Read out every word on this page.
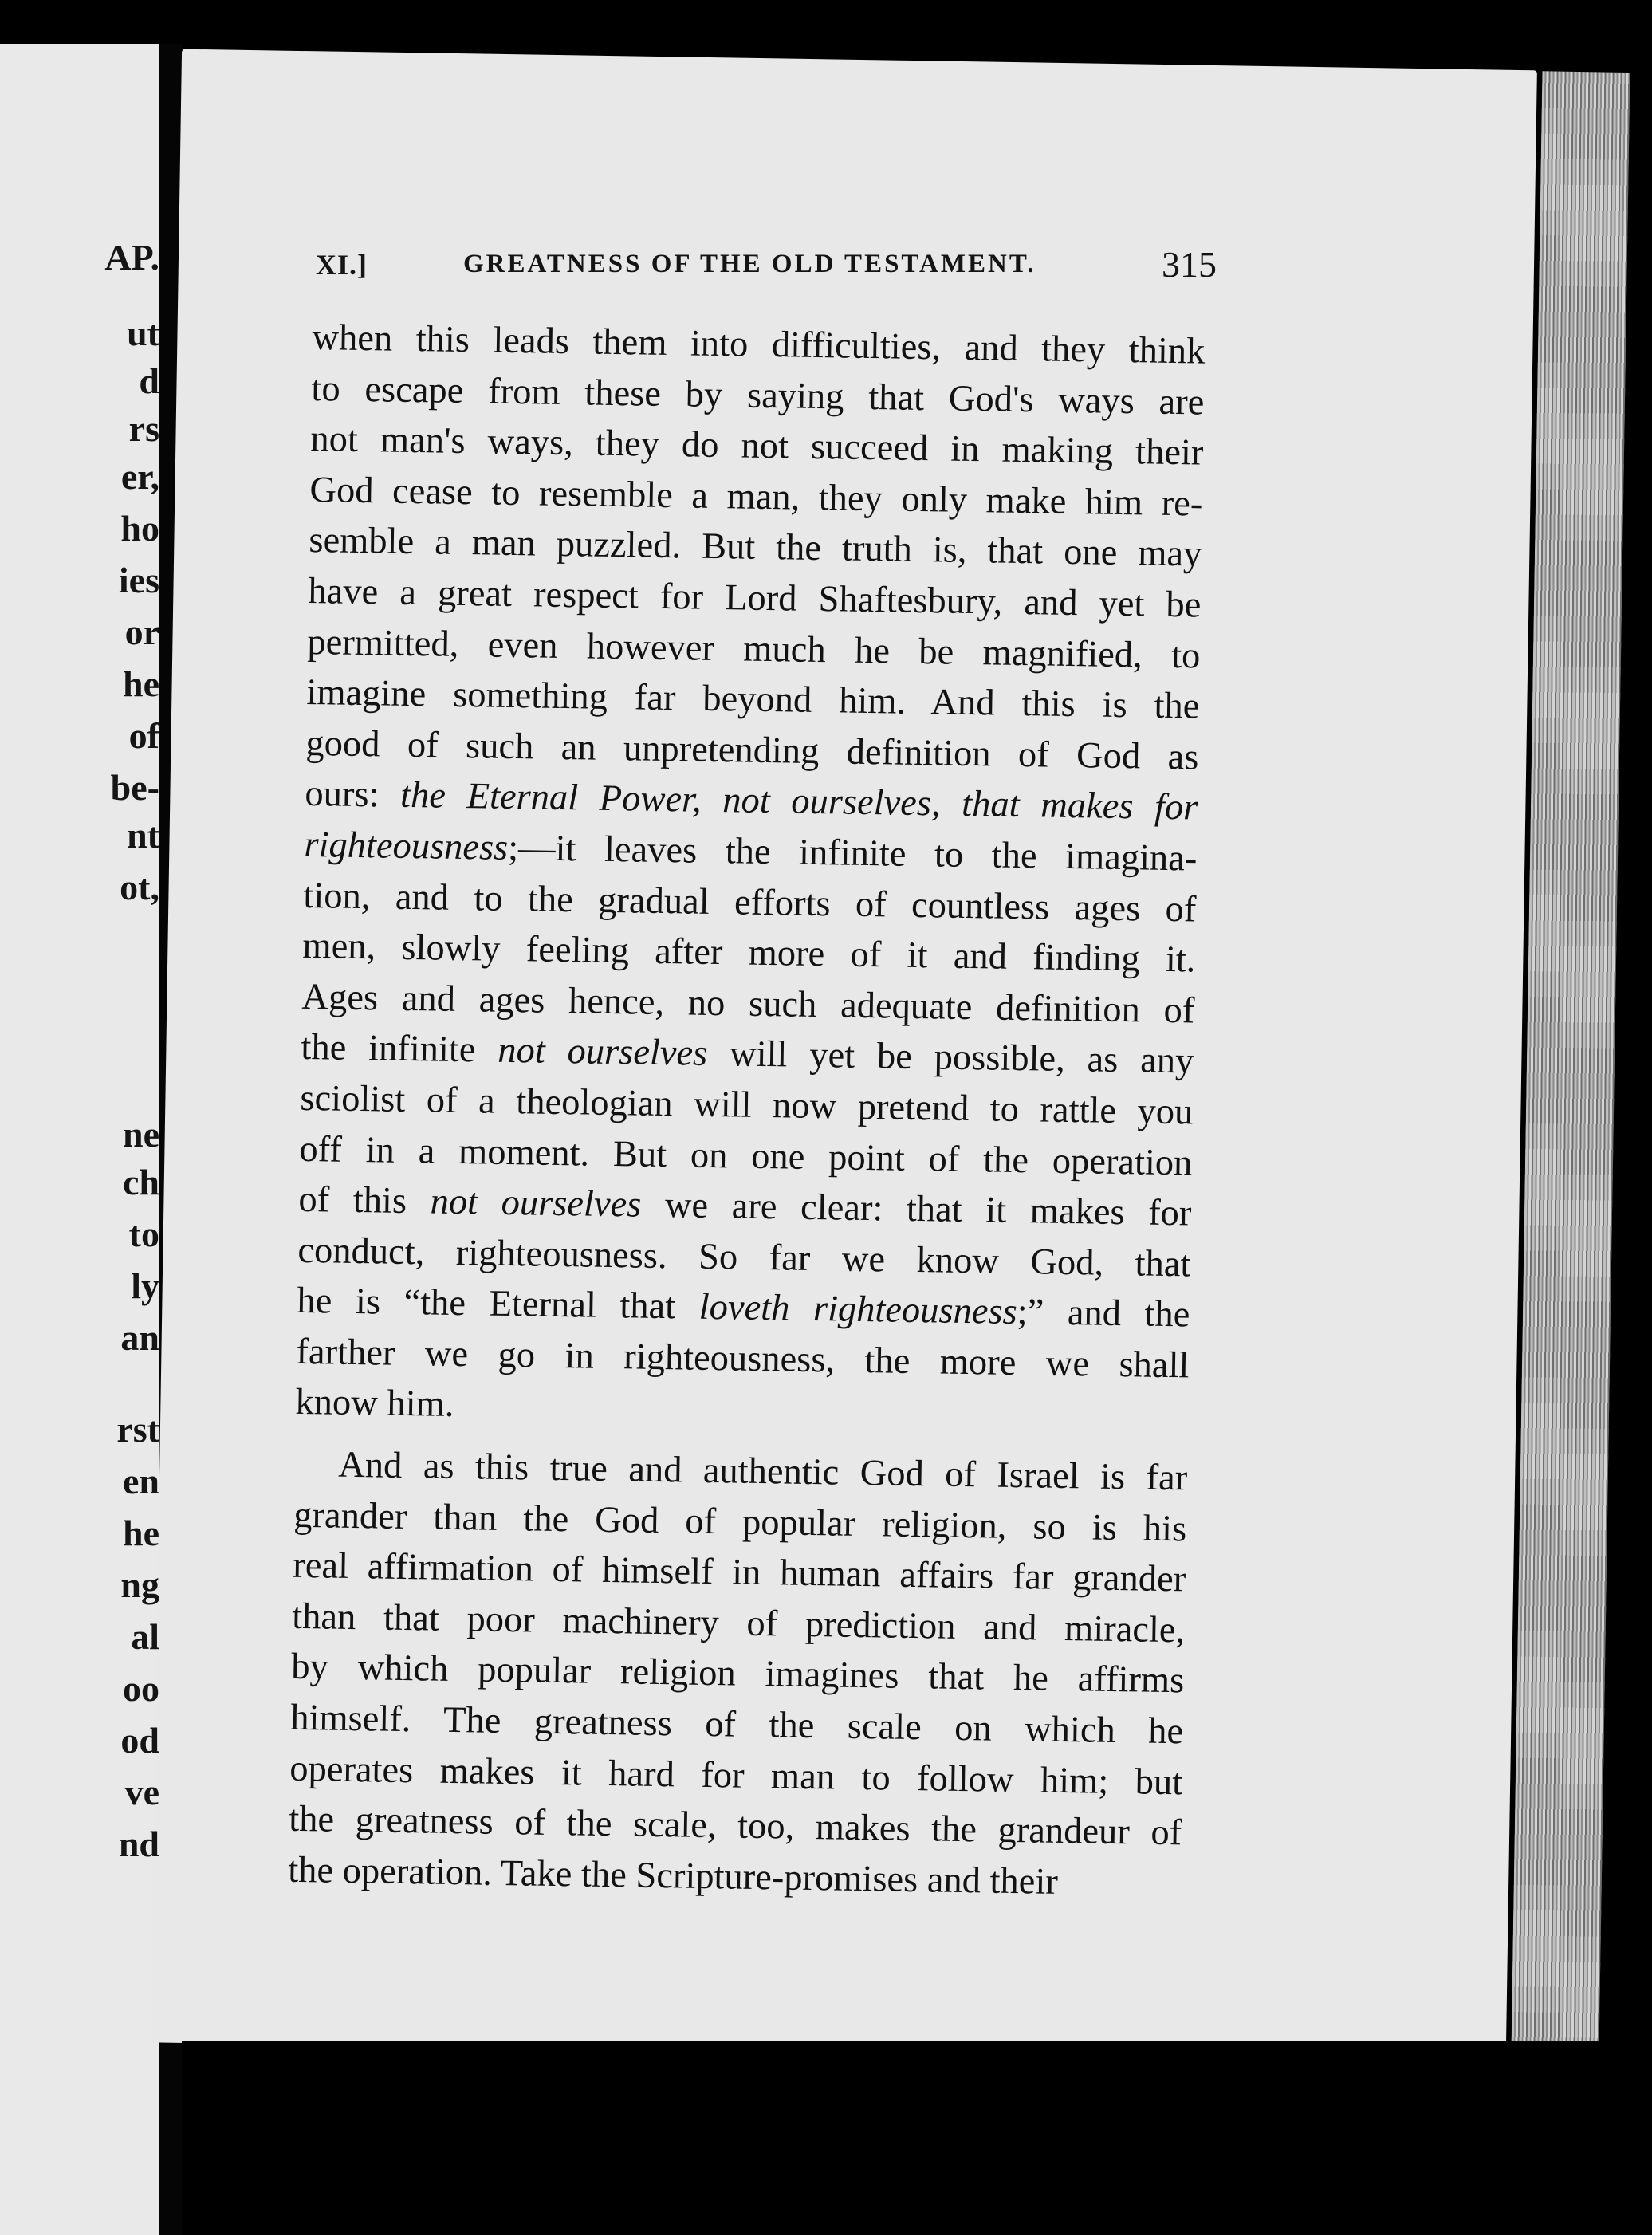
XI.]	GREATNESS OF THE OLD TESTAMENT.	315
when this leads them into difficulties, and they think
to escape from these by saying that God's ways are
not man's ways, they do not succeed in making their
God cease to resemble a man, they only make him re-
semble a man puzzled. But the truth is, that one may
have a great respect for Lord Shaftesbury, and yet be
permitted, even however much he be magnified, to
imagine something far beyond him. And this is the
good of such an unpretending definition of God as
ours: the Eternal Power, not ourselves, that makes for
righteousness;—it leaves the infinite to the imagina-
tion, and to the gradual efforts of countless ages of
men, slowly feeling after more of it and finding it.
Ages and ages hence, no such adequate definition of
the infinite not ourselves will yet be possible, as any
sciolist of a theologian will now pretend to rattle you
off in a moment. But on one point of the operation
of this not ourselves we are clear: that it makes for
conduct, righteousness. So far we know God, that
he is “the Eternal that loveth righteousness;” and the
farther we go in righteousness, the more we shall
know him.
And as this true and authentic God of Israel is far
grander than the God of popular religion, so is his
real affirmation of himself in human affairs far grander
than that poor machinery of prediction and miracle,
by which popular religion imagines that he affirms
himself. The greatness of the scale on which he
operates makes it hard for man to follow him; but
the greatness of the scale, too, makes the grandeur of
the operation. Take the Scripture-promises and their
AP.
ut
d
rs
er,
ho
ies
or
he
of
be-
nt
ot,
ne
ch
to
ly
an
rst
en
he
ng
al
oo
od
ve
nd
